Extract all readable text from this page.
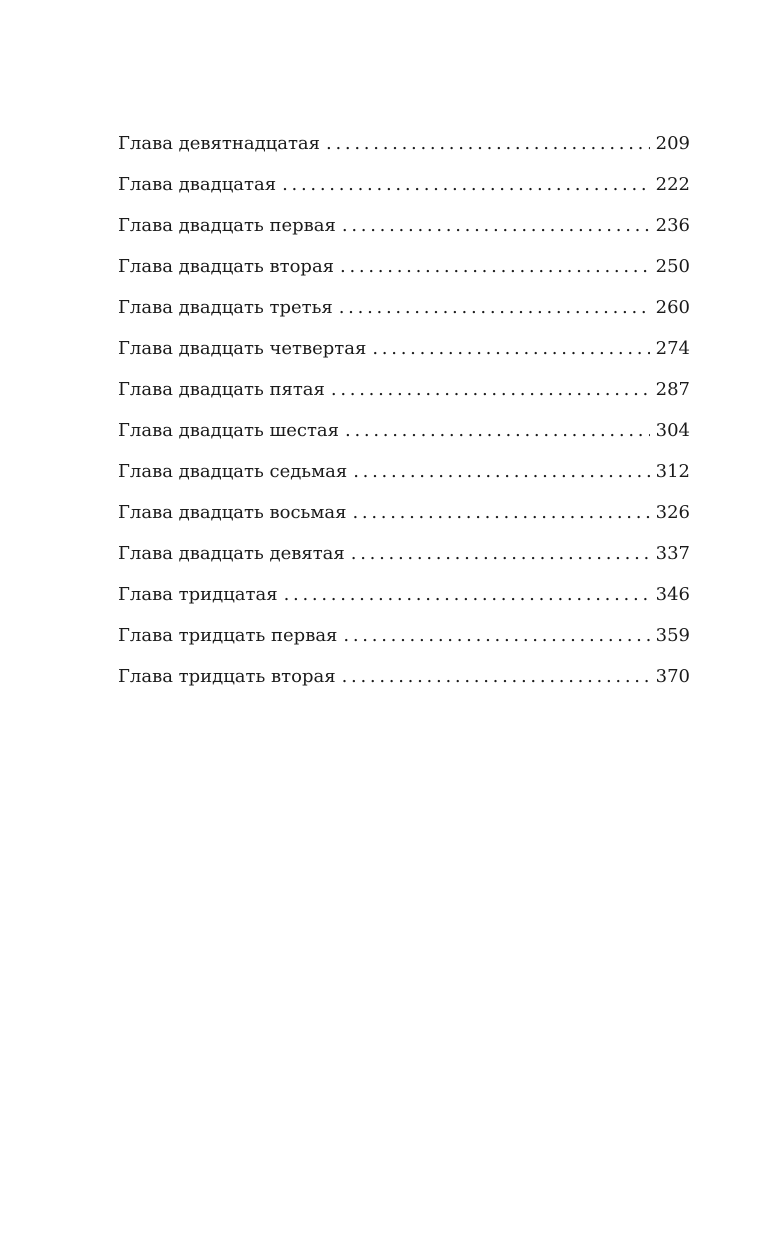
Глава девятнадцатая . . .	209
Глава двадцатая . . .	222
Глава двадцать первая . . .	236
Глава двадцать вторая . . .	250
Глава двадцать третья . . .	260
Глава двадцать четвертая . . .	274
Глава двадцать пятая . . .	287
Глава двадцать шестая . . .	304
Глава двадцать седьмая . . .	312
Глава двадцать восьмая . . .	326
Глава двадцать девятая . . .	337
Глава тридцатая . . .	346
Глава тридцать первая . . .	359
Глава тридцать вторая . . .	370
